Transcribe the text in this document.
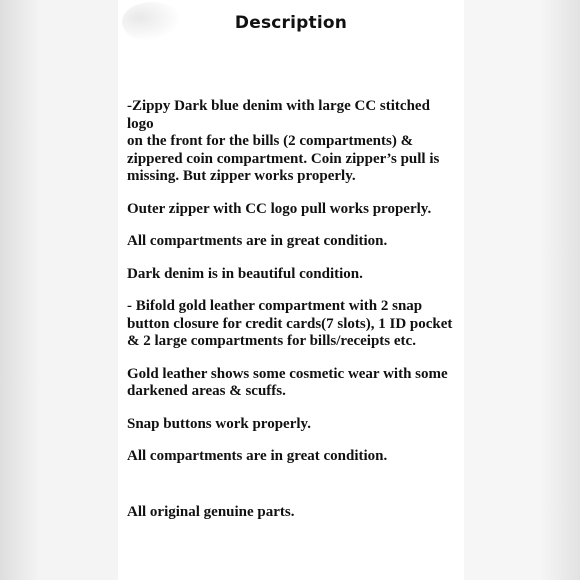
Description

-Zippy Dark blue denim with large CC stitched logo
on the front for the bills (2 compartments) &
zippered coin compartment. Coin zipper’s pull is
missing. But zipper works properly.

Outer zipper with CC logo pull works properly.

All compartments are in great condition.

Dark denim is in beautiful condition.

- Bifold gold leather compartment with 2 snap
button closure for credit cards(7 slots), 1 ID pocket
& 2 large compartments for bills/receipts etc.

Gold leather shows some cosmetic wear with some
darkened areas & scuffs.

Snap buttons work properly.

All compartments are in great condition.

All original genuine parts.
